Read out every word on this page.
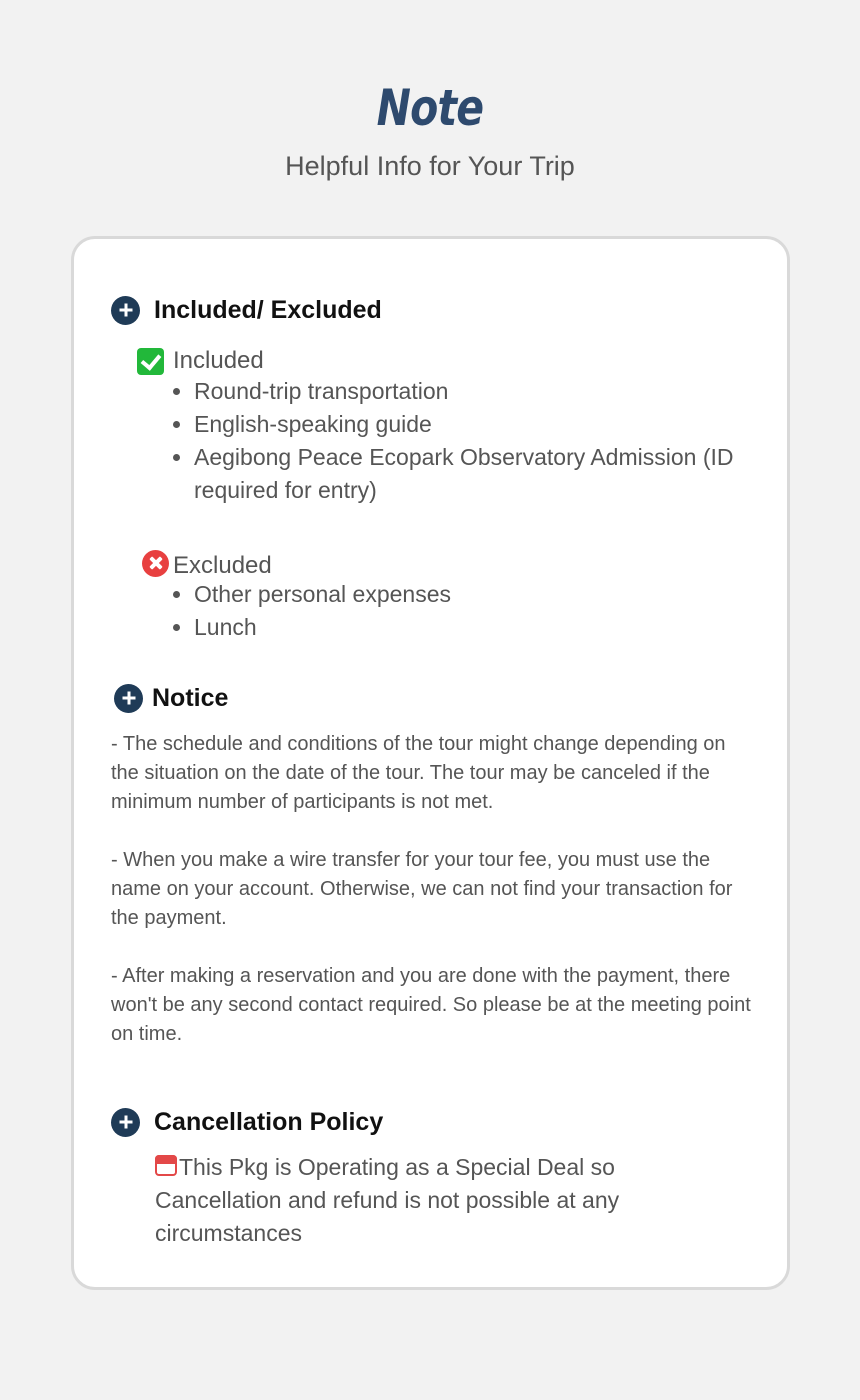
Note
Helpful Info for Your Trip
Included/ Excluded
Included
• Round-trip transportation
• English-speaking guide
• Aegibong Peace Ecopark Observatory Admission (ID required for entry)
Excluded
• Other personal expenses
• Lunch
Notice

- The schedule and conditions of the tour might change depending on the situation on the date of the tour. The tour may be canceled if the minimum number of participants is not met.

- When you make a wire transfer for your tour fee, you must use the name on your account. Otherwise, we can not find your transaction for the payment.

- After making a reservation and you are done with the payment, there won't be any second contact required. So please be at the meeting point on time.

Cancellation Policy
This Pkg is Operating as a Special Deal so Cancellation and refund is not possible at any circumstances
